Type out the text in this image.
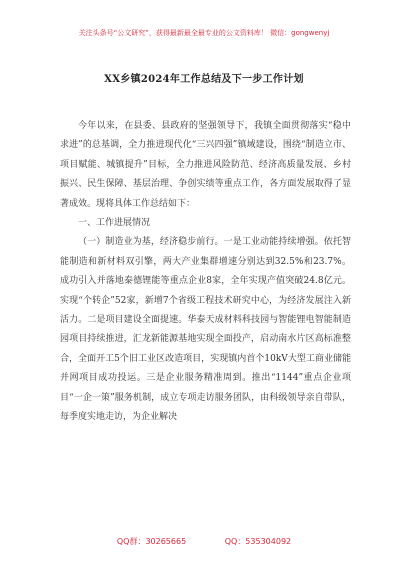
关注头条号“公文研究”，获得最新最全最专业的公文资料库！ 微信：gongwenyj
XX乡镇2024年工作总结及下一步工作计划

今年以来，在县委、县政府的坚强领导下，我镇全面贯彻落实“稳中求进”的总基调，全力推进现代化“三兴四强”镇域建设，围绕“制造立市、项目赋能、城镇提升”目标，全力推进风险防范、经济高质量发展、乡村振兴、民生保障、基层治理、争创实绩等重点工作，各方面发展取得了显著成效。现将具体工作总结如下：

一、工作进展情况

（一）制造业为基，经济稳步前行。一是工业动能持续增强。依托智能制造和新材料双引擎，两大产业集群增速分别达到32.5%和23.7%。成功引入并落地泰德锂能等重点企业8家，全年实现产值突破24.8亿元。实现“个转企”52家，新增7个省级工程技术研究中心，为经济发展注入新活力。二是项目建设全面提速。华泰天成材料科技园与智能锂电智能制造园项目持续推进，汇龙新能源基地实现全面投产，启动南水片区高标准整合，全面开工5个旧工业区改造项目，实现镇内首个10kV大型工商业储能并网项目成功投运。三是企业服务精准周到。推出“1144”重点企业项目“一企一策”服务机制，成立专项走访服务团队，由科级领导亲自带队，每季度实地走访，为企业解决

QQ群：30265665	QQ：535304092
